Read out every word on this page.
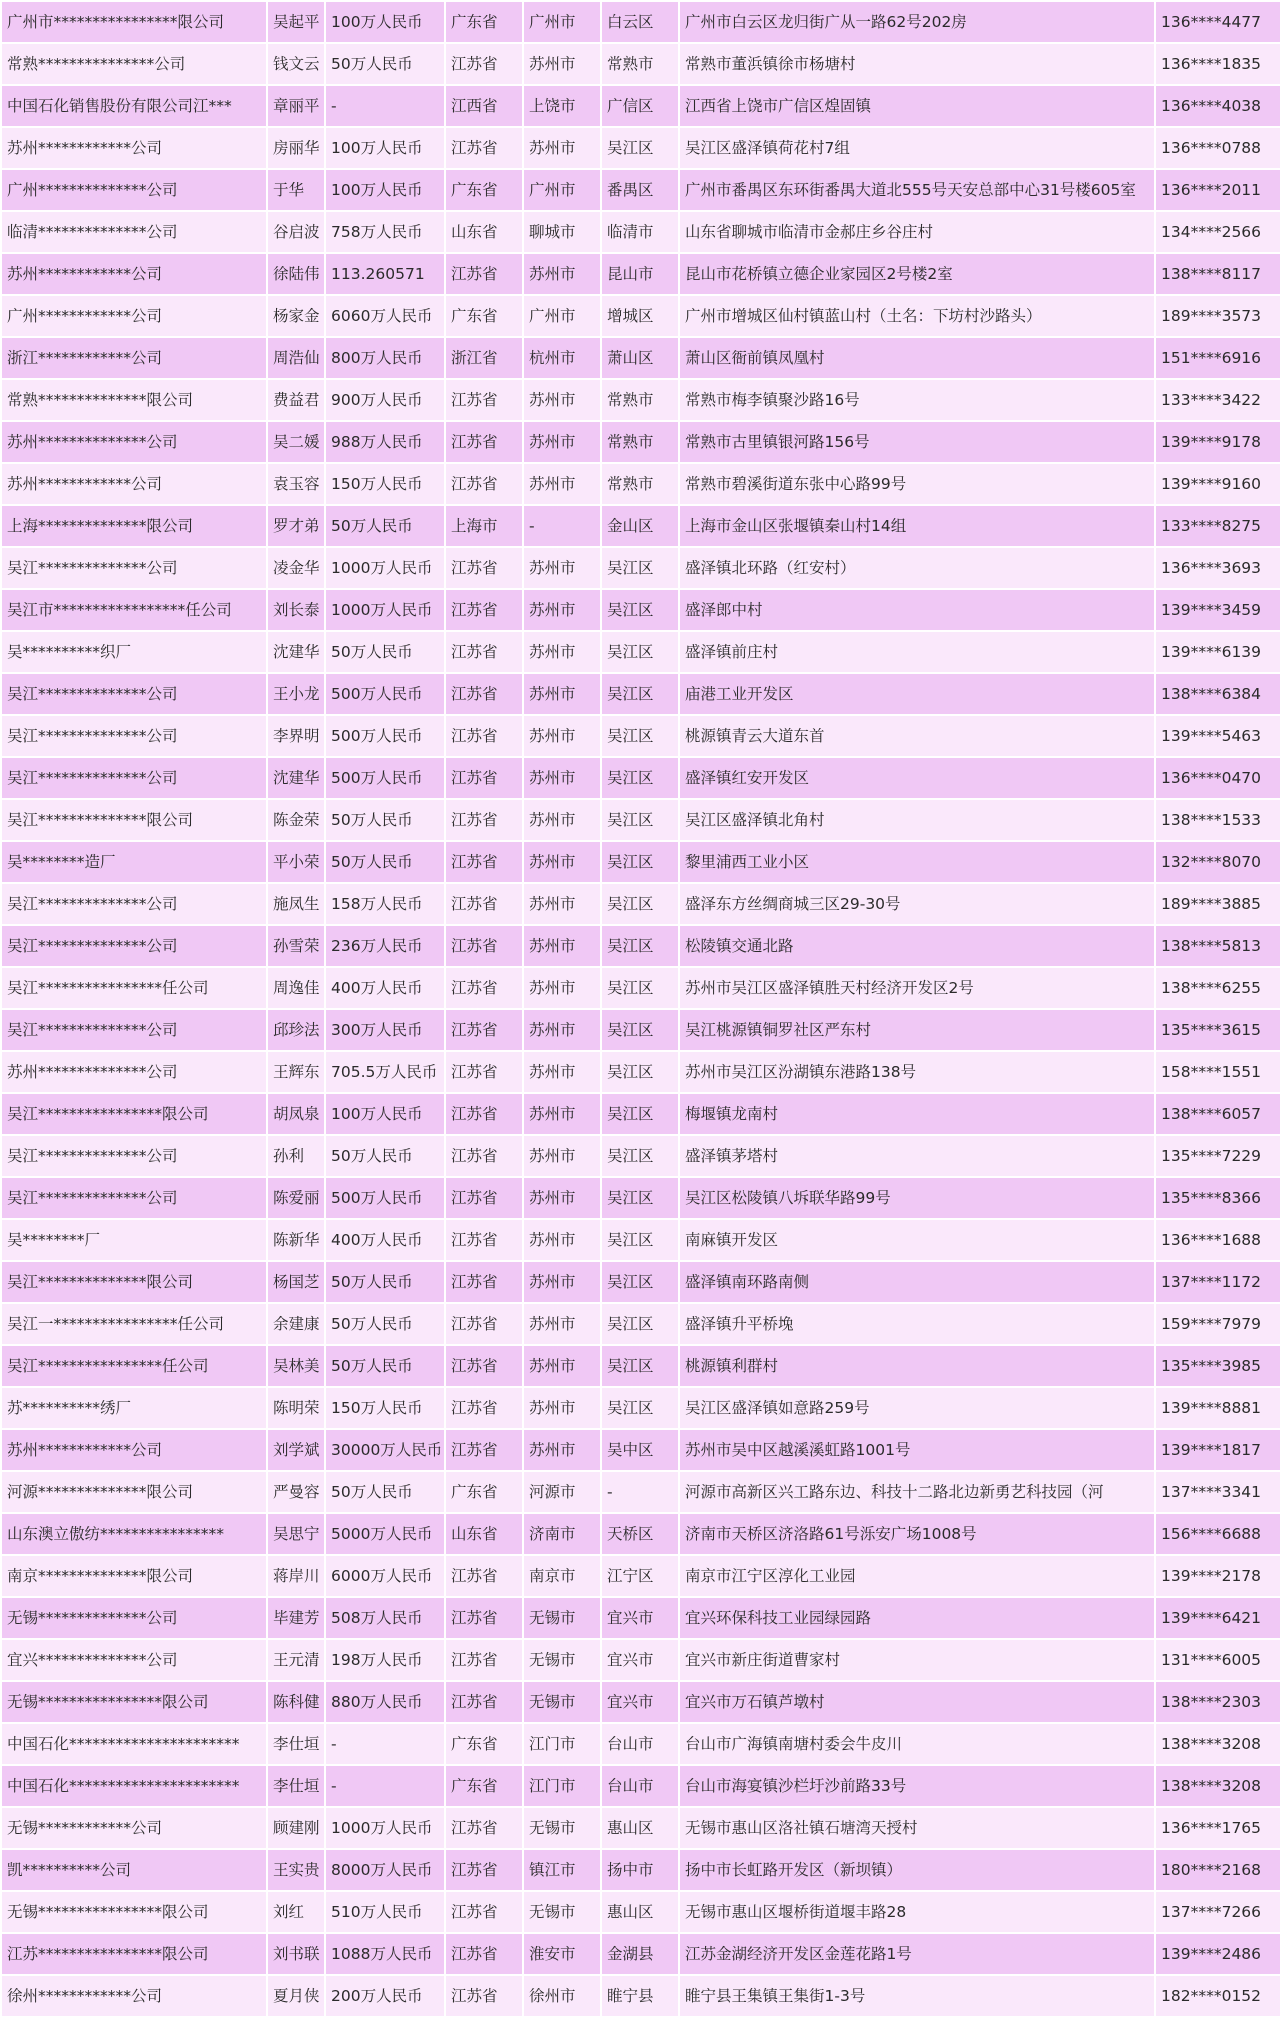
广州市****************限公司	吴起平	100万人民币	广东省	广州市	白云区	广州市白云区龙归街广从一路62号202房	136****4477
常熟***************公司	钱文云	50万人民币	江苏省	苏州市	常熟市	常熟市董浜镇徐市杨塘村	136****1835
中国石化销售股份有限公司江***	章丽平	-	江西省	上饶市	广信区	江西省上饶市广信区煌固镇	136****4038
苏州************公司	房丽华	100万人民币	江苏省	苏州市	吴江区	吴江区盛泽镇荷花村7组	136****0788
广州**************公司	于华	100万人民币	广东省	广州市	番禺区	广州市番禺区东环街番禺大道北555号天安总部中心31号楼605室	136****2011
临清**************公司	谷启波	758万人民币	山东省	聊城市	临清市	山东省聊城市临清市金郝庄乡谷庄村	134****2566
苏州************公司	徐陆伟	113.260571	江苏省	苏州市	昆山市	昆山市花桥镇立德企业家园区2号楼2室	138****8117
广州************公司	杨家金	6060万人民币	广东省	广州市	增城区	广州市增城区仙村镇蓝山村（土名：下坊村沙路头）	189****3573
浙江************公司	周浩仙	800万人民币	浙江省	杭州市	萧山区	萧山区衙前镇凤凰村	151****6916
常熟**************限公司	费益君	900万人民币	江苏省	苏州市	常熟市	常熟市梅李镇聚沙路16号	133****3422
苏州**************公司	吴二媛	988万人民币	江苏省	苏州市	常熟市	常熟市古里镇银河路156号	139****9178
苏州************公司	袁玉容	150万人民币	江苏省	苏州市	常熟市	常熟市碧溪街道东张中心路99号	139****9160
上海**************限公司	罗才弟	50万人民币	上海市	-	金山区	上海市金山区张堰镇秦山村14组	133****8275
吴江**************公司	凌金华	1000万人民币	江苏省	苏州市	吴江区	盛泽镇北环路（红安村）	136****3693
吴江市*****************任公司	刘长泰	1000万人民币	江苏省	苏州市	吴江区	盛泽郎中村	139****3459
吴**********织厂	沈建华	50万人民币	江苏省	苏州市	吴江区	盛泽镇前庄村	139****6139
吴江**************公司	王小龙	500万人民币	江苏省	苏州市	吴江区	庙港工业开发区	138****6384
吴江**************公司	李界明	500万人民币	江苏省	苏州市	吴江区	桃源镇青云大道东首	139****5463
吴江**************公司	沈建华	500万人民币	江苏省	苏州市	吴江区	盛泽镇红安开发区	136****0470
吴江**************限公司	陈金荣	50万人民币	江苏省	苏州市	吴江区	吴江区盛泽镇北角村	138****1533
吴********造厂	平小荣	50万人民币	江苏省	苏州市	吴江区	黎里浦西工业小区	132****8070
吴江**************公司	施凤生	158万人民币	江苏省	苏州市	吴江区	盛泽东方丝绸商城三区29-30号	189****3885
吴江**************公司	孙雪荣	236万人民币	江苏省	苏州市	吴江区	松陵镇交通北路	138****5813
吴江****************任公司	周逸佳	400万人民币	江苏省	苏州市	吴江区	苏州市吴江区盛泽镇胜天村经济开发区2号	138****6255
吴江**************公司	邱珍法	300万人民币	江苏省	苏州市	吴江区	吴江桃源镇铜罗社区严东村	135****3615
苏州**************公司	王辉东	705.5万人民币	江苏省	苏州市	吴江区	苏州市吴江区汾湖镇东港路138号	158****1551
吴江****************限公司	胡凤泉	100万人民币	江苏省	苏州市	吴江区	梅堰镇龙南村	138****6057
吴江**************公司	孙利	50万人民币	江苏省	苏州市	吴江区	盛泽镇茅塔村	135****7229
吴江**************公司	陈爱丽	500万人民币	江苏省	苏州市	吴江区	吴江区松陵镇八坼联华路99号	135****8366
吴********厂	陈新华	400万人民币	江苏省	苏州市	吴江区	南麻镇开发区	136****1688
吴江**************限公司	杨国芝	50万人民币	江苏省	苏州市	吴江区	盛泽镇南环路南侧	137****1172
吴江一****************任公司	余建康	50万人民币	江苏省	苏州市	吴江区	盛泽镇升平桥堍	159****7979
吴江****************任公司	吴林美	50万人民币	江苏省	苏州市	吴江区	桃源镇利群村	135****3985
苏**********绣厂	陈明荣	150万人民币	江苏省	苏州市	吴江区	吴江区盛泽镇如意路259号	139****8881
苏州************公司	刘学斌	30000万人民币	江苏省	苏州市	吴中区	苏州市吴中区越溪溪虹路1001号	139****1817
河源**************限公司	严曼容	50万人民币	广东省	河源市	-	河源市高新区兴工路东边、科技十二路北边新勇艺科技园（河	137****3341
山东澳立傲纺****************	吴思宁	5000万人民币	山东省	济南市	天桥区	济南市天桥区济洛路61号泺安广场1008号	156****6688
南京**************限公司	蒋岸川	6000万人民币	江苏省	南京市	江宁区	南京市江宁区淳化工业园	139****2178
无锡**************公司	毕建芳	508万人民币	江苏省	无锡市	宜兴市	宜兴环保科技工业园绿园路	139****6421
宜兴**************公司	王元清	198万人民币	江苏省	无锡市	宜兴市	宜兴市新庄街道曹家村	131****6005
无锡****************限公司	陈科健	880万人民币	江苏省	无锡市	宜兴市	宜兴市万石镇芦墩村	138****2303
中国石化**********************	李仕垣	-	广东省	江门市	台山市	台山市广海镇南塘村委会牛皮川	138****3208
中国石化**********************	李仕垣	-	广东省	江门市	台山市	台山市海宴镇沙栏圩沙前路33号	138****3208
无锡************公司	顾建刚	1000万人民币	江苏省	无锡市	惠山区	无锡市惠山区洛社镇石塘湾天授村	136****1765
凯**********公司	王实贵	8000万人民币	江苏省	镇江市	扬中市	扬中市长虹路开发区（新坝镇）	180****2168
无锡****************限公司	刘红	510万人民币	江苏省	无锡市	惠山区	无锡市惠山区堰桥街道堰丰路28	137****7266
江苏****************限公司	刘书联	1088万人民币	江苏省	淮安市	金湖县	江苏金湖经济开发区金莲花路1号	139****2486
徐州************公司	夏月侠	200万人民币	江苏省	徐州市	睢宁县	睢宁县王集镇王集街1-3号	182****0152
